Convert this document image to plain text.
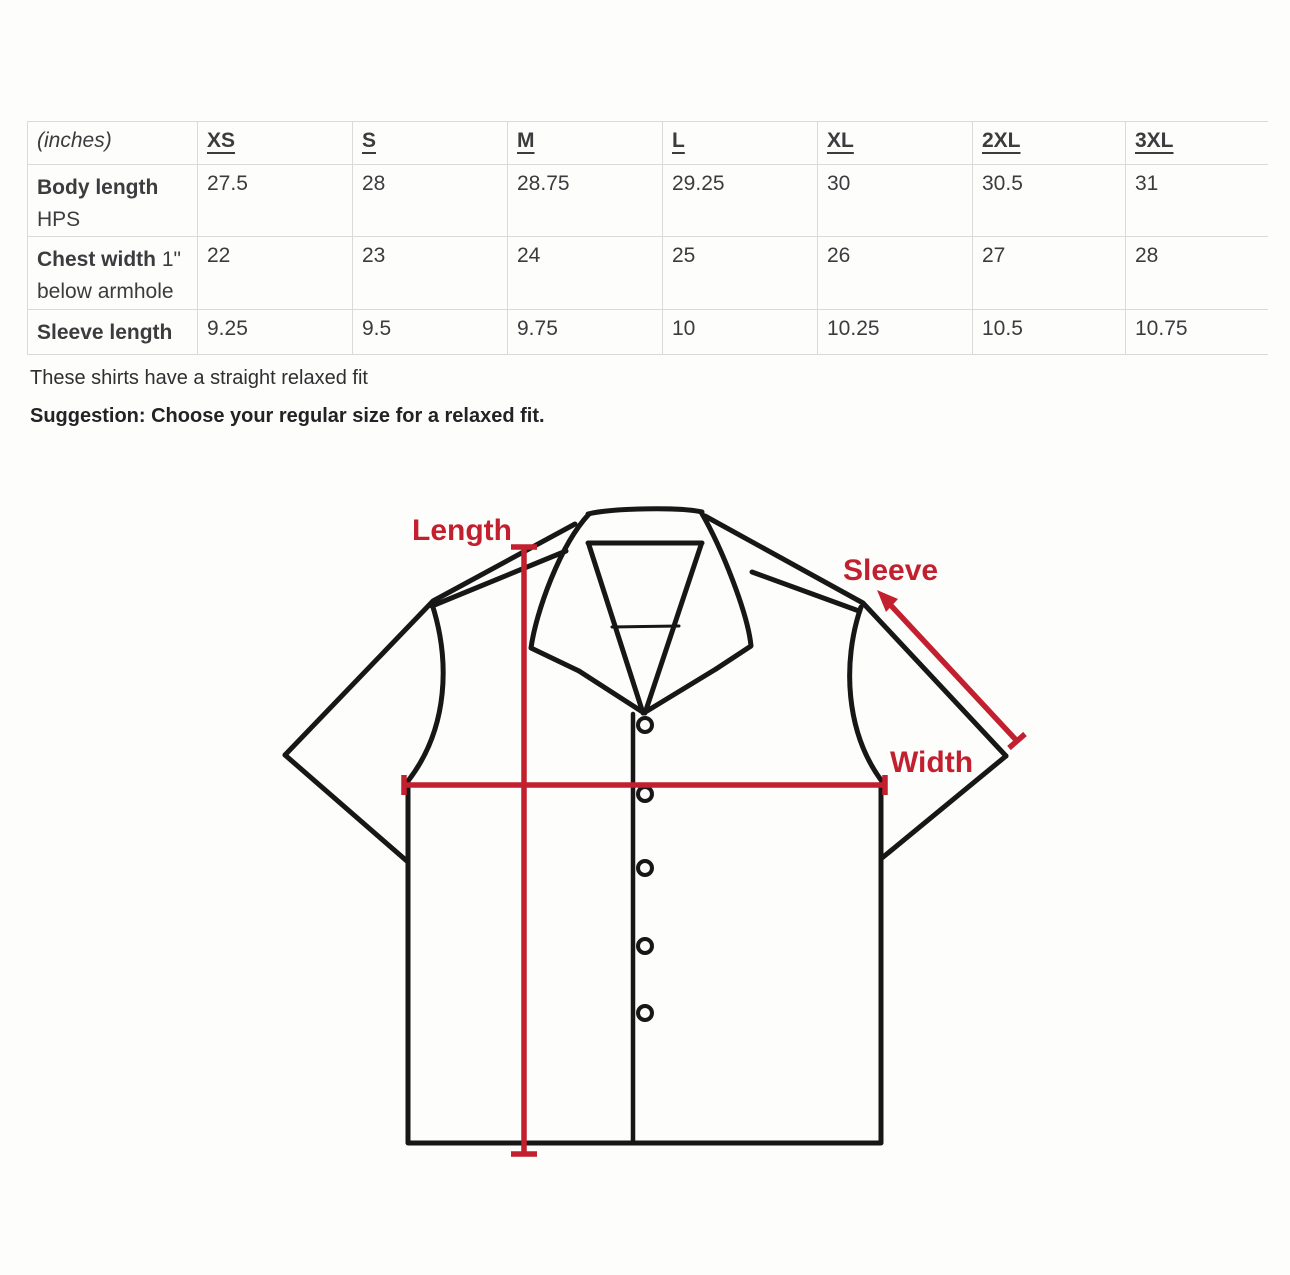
(inches)	XS	S	M	L	XL	2XL	3XL
Body length
HPS	27.5	28	28.75	29.25	30	30.5	31
Chest width 1"
below armhole	22	23	24	25	26	27	28
Sleeve length	9.25	9.5	9.75	10	10.25	10.5	10.75
These shirts have a straight relaxed fit
Suggestion: Choose your regular size for a relaxed fit.
Length
Sleeve
Width
